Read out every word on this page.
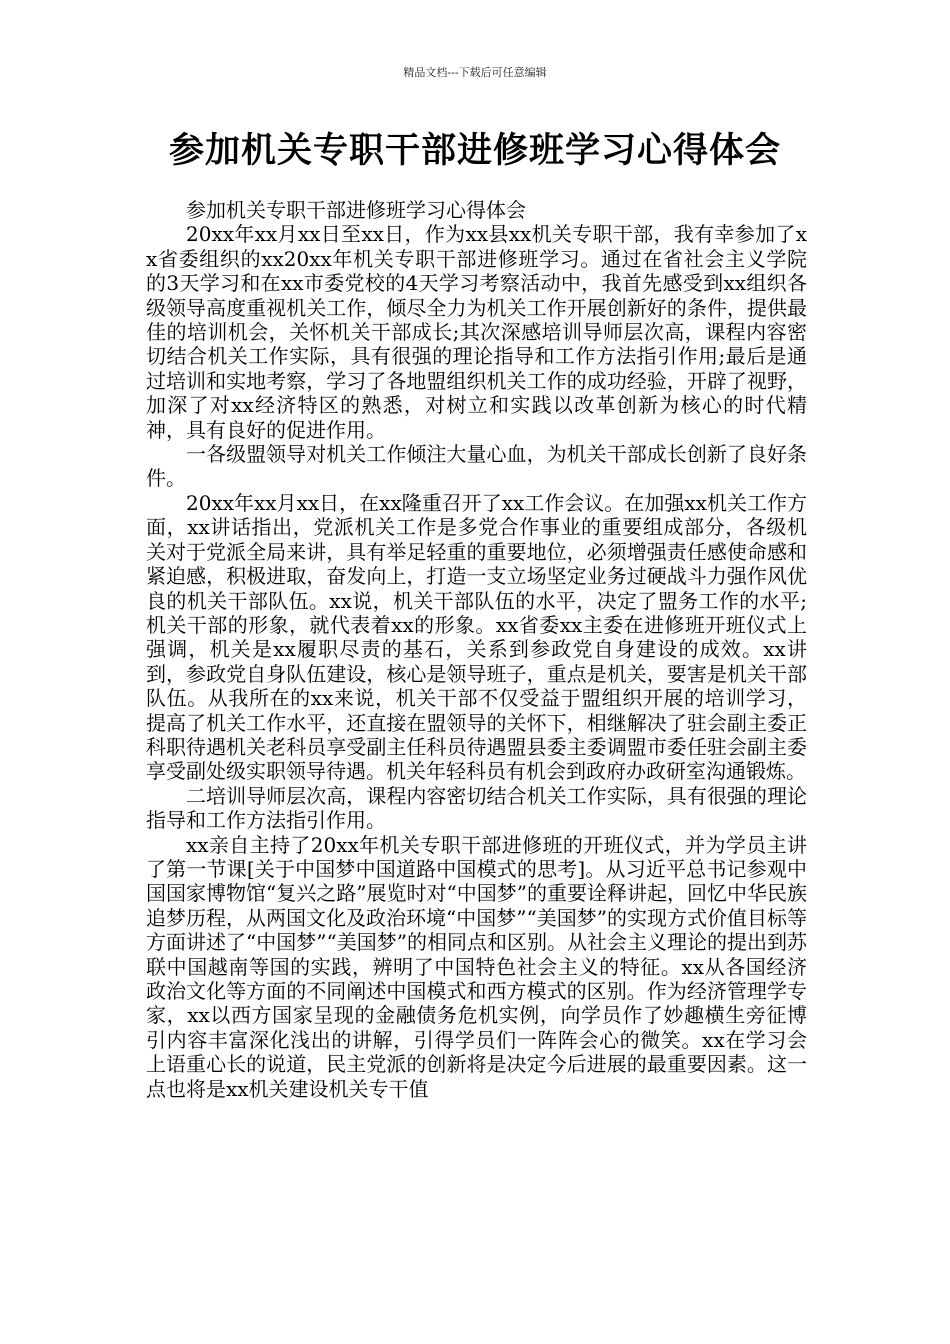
精品文档---下载后可任意编辑
参加机关专职干部进修班学习心得体会

参加机关专职干部进修班学习心得体会

20xx年xx月xx日至xx日，作为xx县xx机关专职干部，我有幸参加了xx省委组织的xx20xx年机关专职干部进修班学习。通过在省社会主义学院的3天学习和在xx市委党校的4天学习考察活动中，我首先感受到xx组织各级领导高度重视机关工作，倾尽全力为机关工作开展创新好的条件，提供最佳的培训机会，关怀机关干部成长;其次深感培训导师层次高，课程内容密切结合机关工作实际，具有很强的理论指导和工作方法指引作用;最后是通过培训和实地考察，学习了各地盟组织机关工作的成功经验，开辟了视野，加深了对xx经济特区的熟悉，对树立和实践以改革创新为核心的时代精神，具有良好的促进作用。

一各级盟领导对机关工作倾注大量心血，为机关干部成长创新了良好条件。

20xx年xx月xx日，在xx隆重召开了xx工作会议。在加强xx机关工作方面，xx讲话指出，党派机关工作是多党合作事业的重要组成部分，各级机关对于党派全局来讲，具有举足轻重的重要地位，必须增强责任感使命感和紧迫感，积极进取，奋发向上，打造一支立场坚定业务过硬战斗力强作风优良的机关干部队伍。xx说，机关干部队伍的水平，决定了盟务工作的水平;机关干部的形象，就代表着xx的形象。xx省委xx主委在进修班开班仪式上强调，机关是xx履职尽责的基石，关系到参政党自身建设的成效。xx讲到，参政党自身队伍建设，核心是领导班子，重点是机关，要害是机关干部队伍。从我所在的xx来说，机关干部不仅受益于盟组织开展的培训学习，提高了机关工作水平，还直接在盟领导的关怀下，相继解决了驻会副主委正科职待遇机关老科员享受副主任科员待遇盟县委主委调盟市委任驻会副主委享受副处级实职领导待遇。机关年轻科员有机会到政府办政研室沟通锻炼。

二培训导师层次高，课程内容密切结合机关工作实际，具有很强的理论指导和工作方法指引作用。

xx亲自主持了20xx年机关专职干部进修班的开班仪式，并为学员主讲了第一节课[关于中国梦中国道路中国模式的思考]。从习近平总书记参观中国国家博物馆“复兴之路”展览时对“中国梦”的重要诠释讲起，回忆中华民族追梦历程，从两国文化及政治环境“中国梦”“美国梦”的实现方式价值目标等方面讲述了“中国梦”“美国梦”的相同点和区别。从社会主义理论的提出到苏联中国越南等国的实践，辨明了中国特色社会主义的特征。xx从各国经济政治文化等方面的不同阐述中国模式和西方模式的区别。作为经济管理学专家，xx以西方国家呈现的金融债务危机实例，向学员作了妙趣横生旁征博引内容丰富深化浅出的讲解，引得学员们一阵阵会心的微笑。xx在学习会上语重心长的说道，民主党派的创新将是决定今后进展的最重要因素。这一点也将是xx机关建设机关专干值
